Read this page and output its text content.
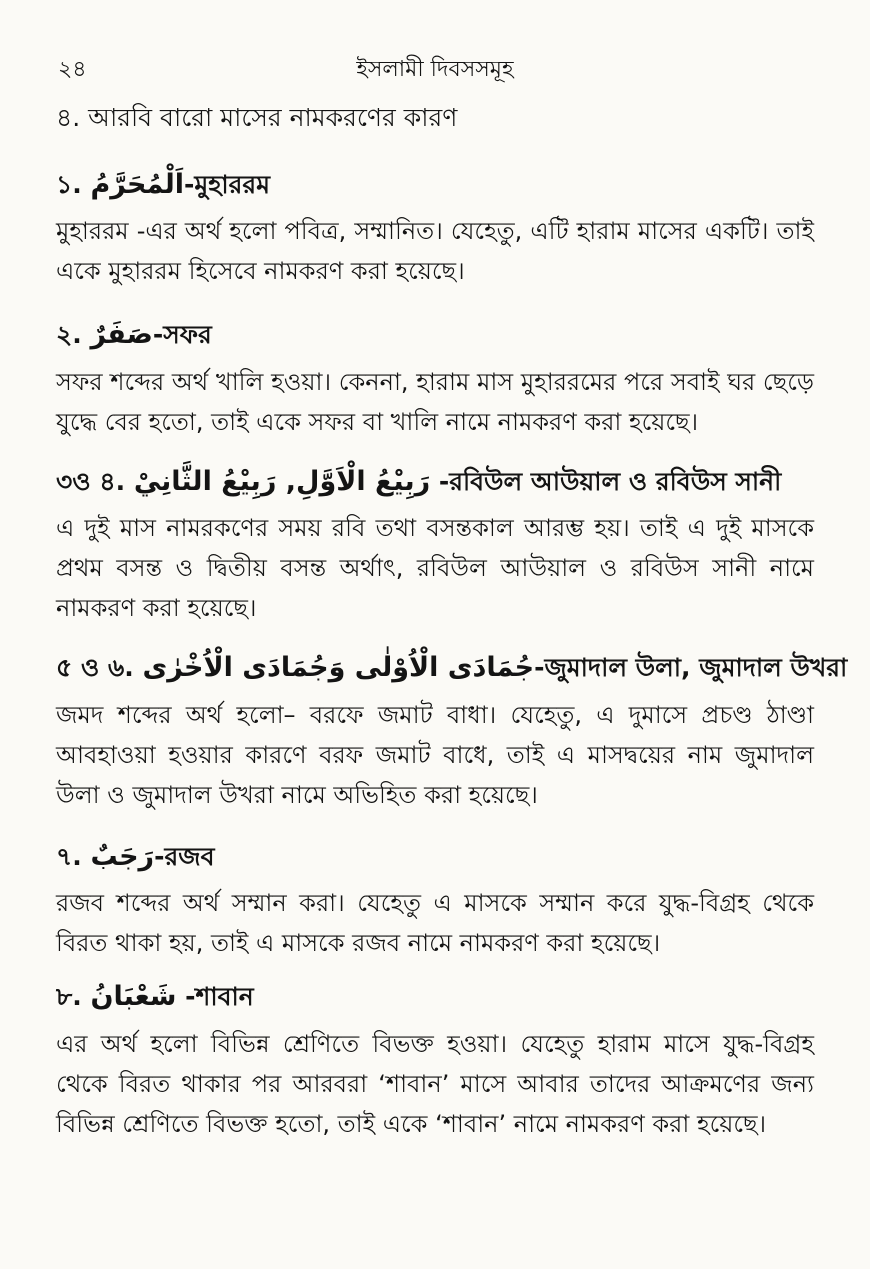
২৪	ইসলামী দিবসসমূহ
৪. আরবি বারো মাসের নামকরণের কারণ

১. اَلْمُحَرَّمُ-মুহাররম

মুহাররম -এর অর্থ হলো পবিত্র, সম্মানিত। যেহেতু, এটি হারাম মাসের একটি। তাই একে মুহাররম হিসেবে নামকরণ করা হয়েছে।

২. صَفَرٌ-সফর

সফর শব্দের অর্থ খালি হওয়া। কেননা, হারাম মাস মুহাররমের পরে সবাই ঘর ছেড়ে যুদ্ধে বের হতো, তাই একে সফর বা খালি নামে নামকরণ করা হয়েছে।

৩ও ৪. رَبِيْعُ الْاَوَّلِ, رَبِيْعُ الثَّانِيْ -রবিউল আউয়াল ও রবিউস সানী

এ দুই মাস নামরকণের সময় রবি তথা বসন্তকাল আরম্ভ হয়। তাই এ দুই মাসকে প্রথম বসন্ত ও দ্বিতীয় বসন্ত অর্থাৎ, রবিউল আউয়াল ও রবিউস সানী নামে নামকরণ করা হয়েছে।

৫ ও ৬. جُمَادَى الْاُوْلٰى وَجُمَادَى الْاُخْرٰى-জুমাদাল উলা, জুমাদাল উখরা

জমদ শব্দের অর্থ হলো– বরফে জমাট বাধা। যেহেতু, এ দুমাসে প্রচণ্ড ঠাণ্ডা আবহাওয়া হওয়ার কারণে বরফ জমাট বাধে, তাই এ মাসদ্বয়ের নাম জুমাদাল উলা ও জুমাদাল উখরা নামে অভিহিত করা হয়েছে।

৭. رَجَبٌ-রজব

রজব শব্দের অর্থ সম্মান করা। যেহেতু এ মাসকে সম্মান করে যুদ্ধ-বিগ্রহ থেকে বিরত থাকা হয়, তাই এ মাসকে রজব নামে নামকরণ করা হয়েছে।

৮. شَعْبَانُ -শাবান

এর অর্থ হলো বিভিন্ন শ্রেণিতে বিভক্ত হওয়া। যেহেতু হারাম মাসে যুদ্ধ-বিগ্রহ থেকে বিরত থাকার পর আরবরা ‘শাবান’ মাসে আবার তাদের আক্রমণের জন্য বিভিন্ন শ্রেণিতে বিভক্ত হতো, তাই একে ‘শাবান’ নামে নামকরণ করা হয়েছে।
